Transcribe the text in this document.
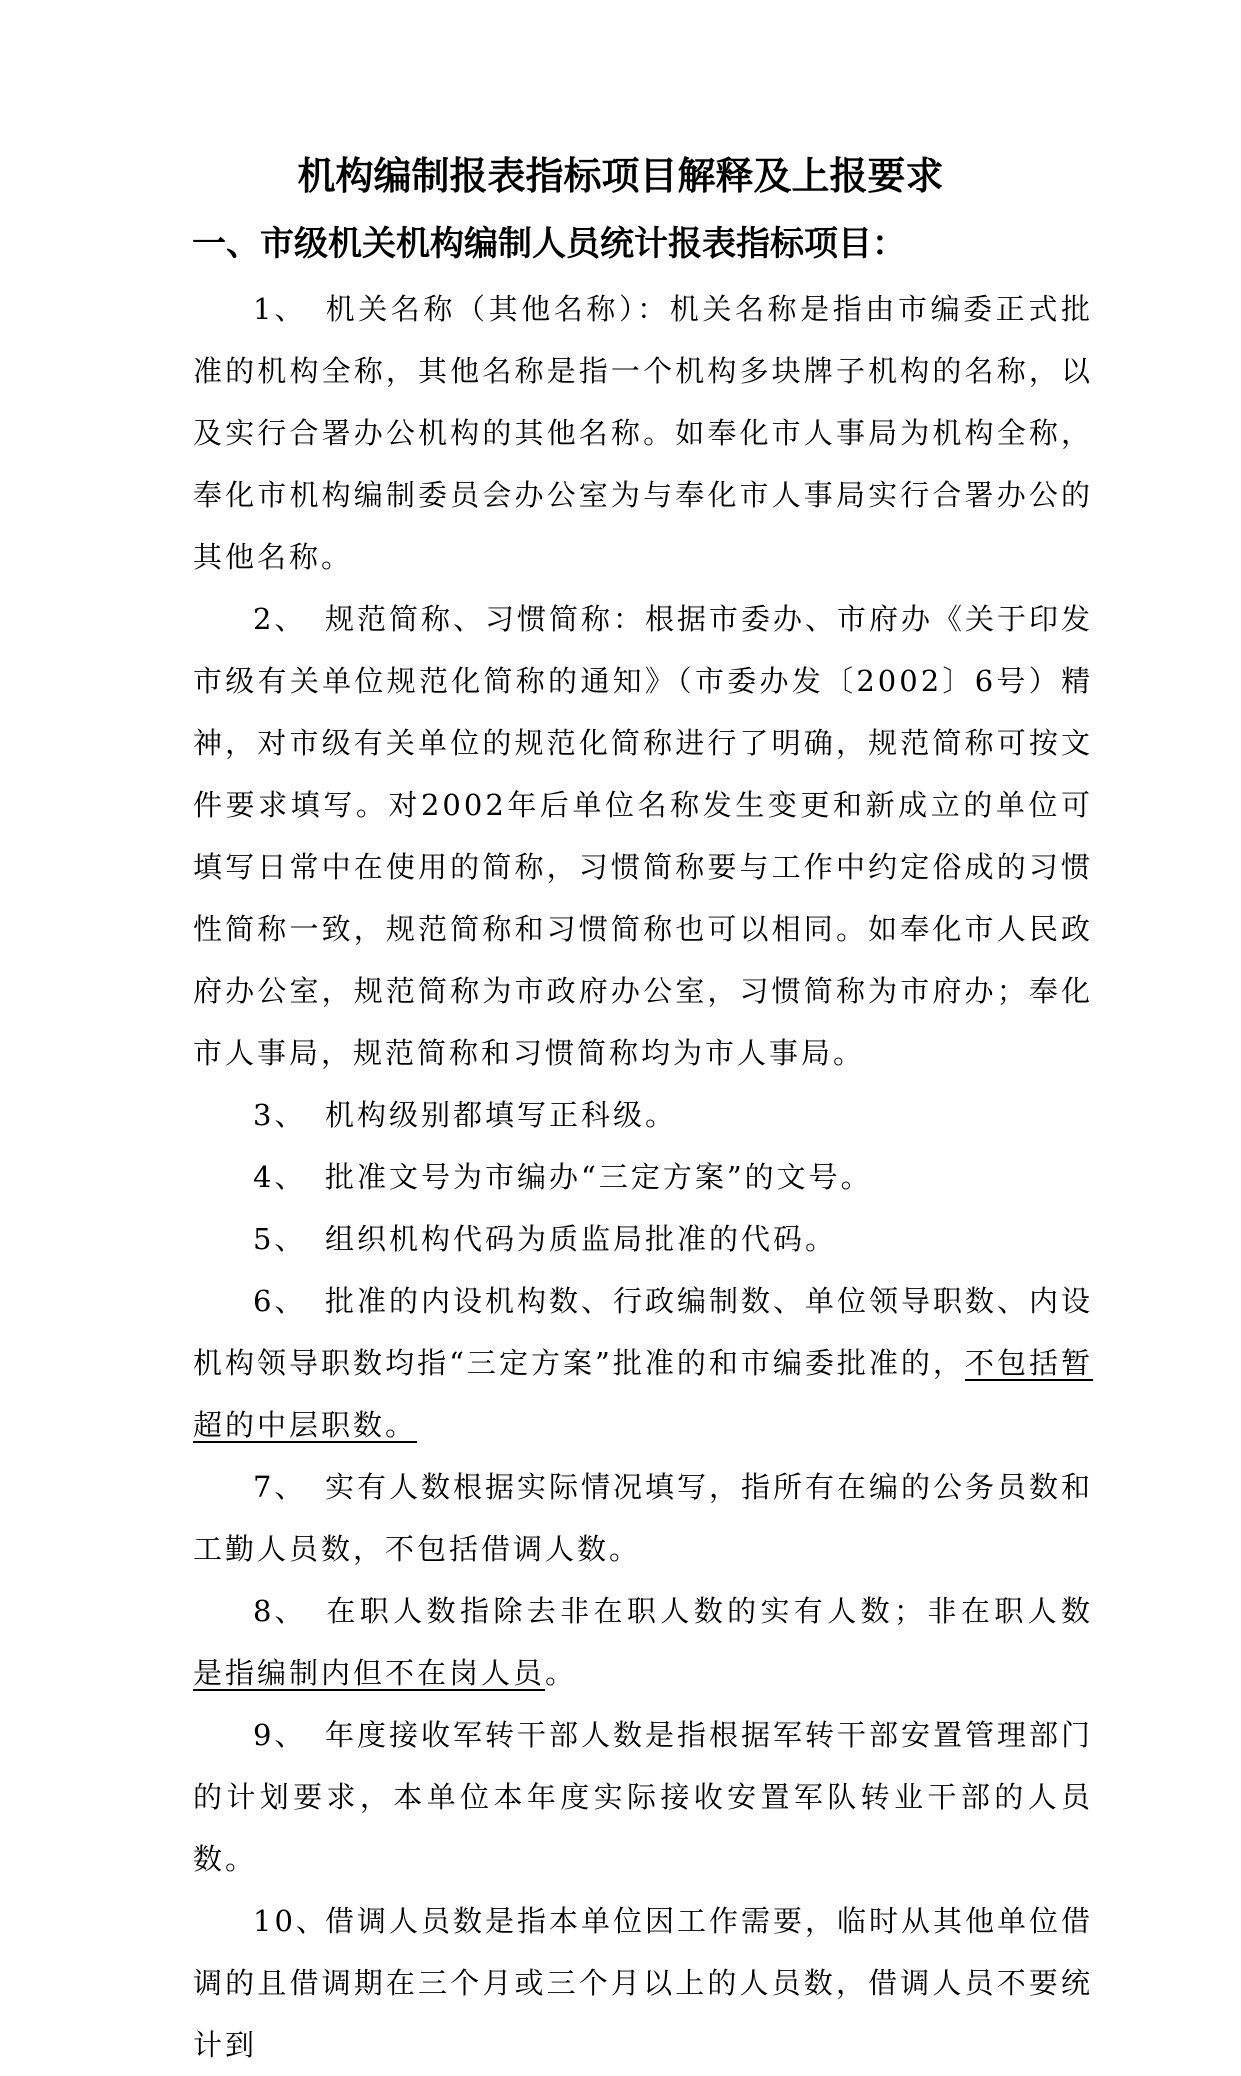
机构编制报表指标项目解释及上报要求
一、市级机关机构编制人员统计报表指标项目：

1、 机关名称（其他名称）：机关名称是指由市编委正式批准的机构全称，其他名称是指一个机构多块牌子机构的名称，以及实行合署办公机构的其他名称。如奉化市人事局为机构全称，奉化市机构编制委员会办公室为与奉化市人事局实行合署办公的其他名称。

2、 规范简称、习惯简称：根据市委办、市府办《关于印发市级有关单位规范化简称的通知》（市委办发〔2002〕6号）精神，对市级有关单位的规范化简称进行了明确，规范简称可按文件要求填写。对2002年后单位名称发生变更和新成立的单位可填写日常中在使用的简称，习惯简称要与工作中约定俗成的习惯性简称一致，规范简称和习惯简称也可以相同。如奉化市人民政府办公室，规范简称为市政府办公室，习惯简称为市府办；奉化市人事局，规范简称和习惯简称均为市人事局。

3、 机构级别都填写正科级。

4、 批准文号为市编办“三定方案”的文号。

5、 组织机构代码为质监局批准的代码。

6、 批准的内设机构数、行政编制数、单位领导职数、内设机构领导职数均指“三定方案”批准的和市编委批准的，不包括暂超的中层职数。

7、 实有人数根据实际情况填写，指所有在编的公务员数和工勤人员数，不包括借调人数。

8、 在职人数指除去非在职人数的实有人数；非在职人数是指编制内但不在岗人员。

9、 年度接收军转干部人数是指根据军转干部安置管理部门的计划要求，本单位本年度实际接收安置军队转业干部的人员数。

10、借调人员数是指本单位因工作需要，临时从其他单位借调的且借调期在三个月或三个月以上的人员数，借调人员不要统计到
